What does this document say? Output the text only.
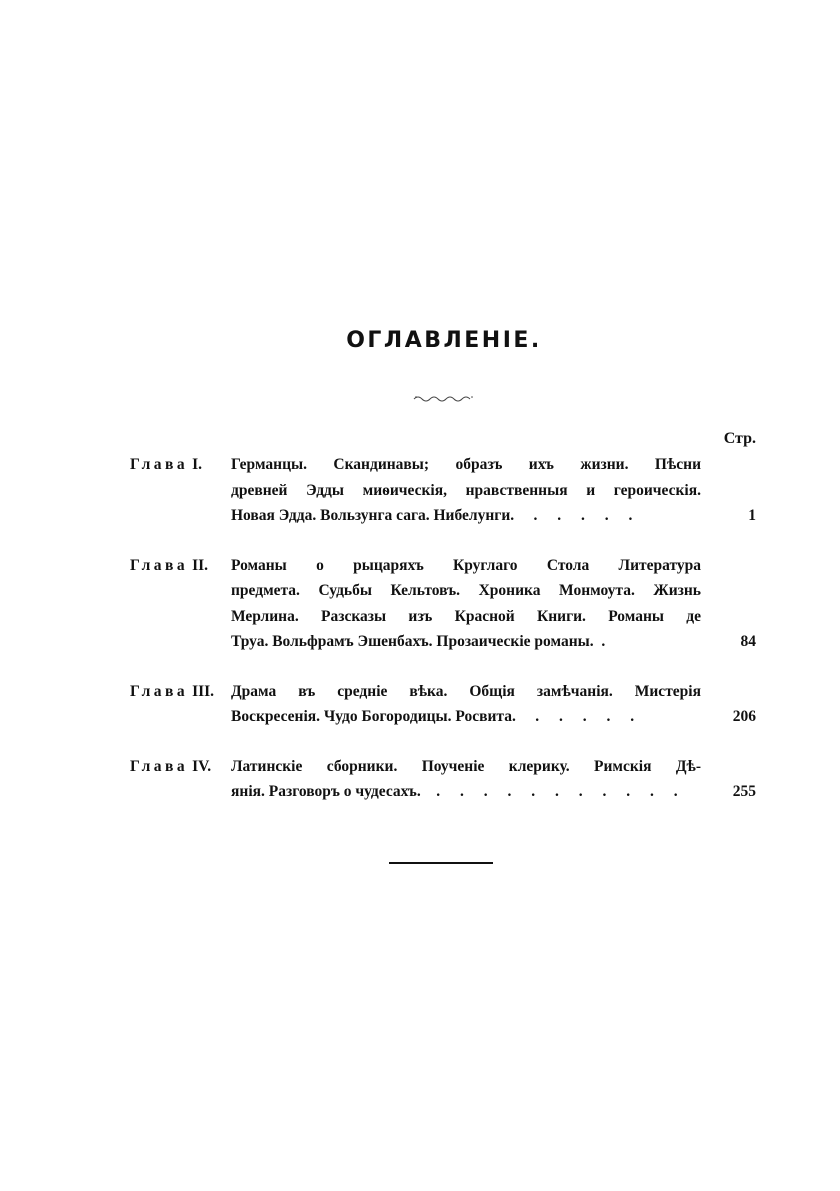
ОГЛАВЛЕНІЕ.
Стр.
Глава I.	Германцы. Скандинавы; образъ ихъ жизни. Пѣсни
древней Эдды миѳическія, нравственныя и героическія.
Новая Эдда. Вользунга сага. Нибелунги. . . . . .	1
Глава II.	Романы о рыцаряхъ Круглаго Стола Литература
предмета. Судьбы Кельтовъ. Хроника Монмоута. Жизнь
Мерлина. Разсказы изъ Красной Книги. Романы де
Труа. Вольфрамъ Эшенбахъ. Прозаическіе романы. .	84
Глава III.	Драма въ средніе вѣка. Общія замѣчанія. Мистерія
Воскресенія. Чудо Богородицы. Росвита. . . . . .	206
Глава IV.	Латинскіе сборники. Поученіе клерику. Римскія Дѣ-
янія. Разговоръ о чудесахъ. . . . . . . . . . . .	255
